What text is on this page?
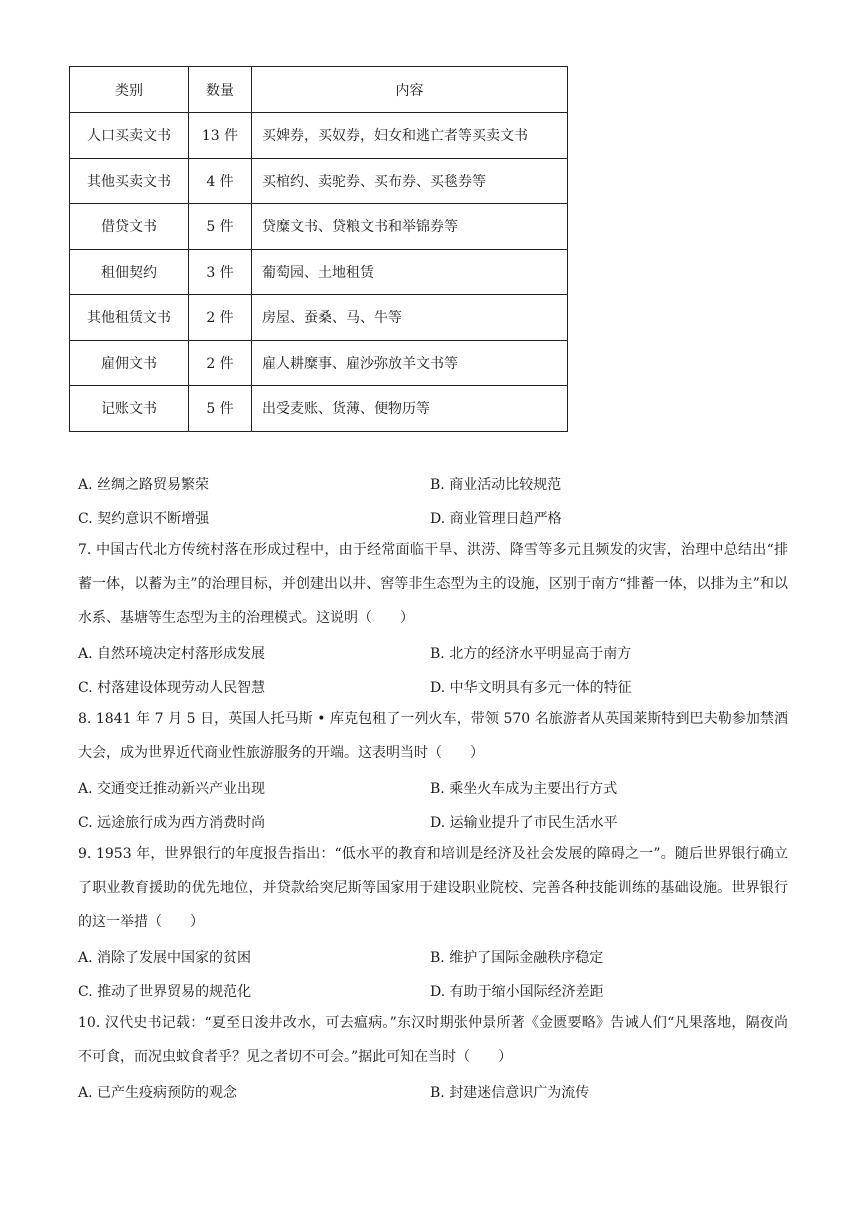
类别	数量	内容
人口买卖文书	13 件	买婢券，买奴券，妇女和逃亡者等买卖文书
其他买卖文书	4 件	买棺约、卖驼券、买布券、买毯券等
借贷文书	5 件	贷糜文书、贷粮文书和举锦券等
租佃契约	3 件	葡萄园、土地租赁
其他租赁文书	2 件	房屋、蚕桑、马、牛等
雇佣文书	2 件	雇人耕糜事、雇沙弥放羊文书等
记账文书	5 件	出受麦账、货薄、便物历等
A. 丝绸之路贸易繁荣	B. 商业活动比较规范
C. 契约意识不断增强	D. 商业管理日趋严格
7. 中国古代北方传统村落在形成过程中，由于经常面临干旱、洪涝、降雪等多元且频发的灾害，治理中总结出“排蓄一体，以蓄为主”的治理目标，并创建出以井、窖等非生态型为主的设施，区别于南方“排蓄一体，以排为主”和以水系、基塘等生态型为主的治理模式。这说明（　　）
A. 自然环境决定村落形成发展	B. 北方的经济水平明显高于南方
C. 村落建设体现劳动人民智慧	D. 中华文明具有多元一体的特征
8. 1841 年 7 月 5 日，英国人托马斯 • 库克包租了一列火车，带领 570 名旅游者从英国莱斯特到巴夫勒参加禁酒大会，成为世界近代商业性旅游服务的开端。这表明当时（　　）
A. 交通变迁推动新兴产业出现	B. 乘坐火车成为主要出行方式
C. 远途旅行成为西方消费时尚	D. 运输业提升了市民生活水平
9. 1953 年，世界银行的年度报告指出：“低水平的教育和培训是经济及社会发展的障碍之一”。随后世界银行确立了职业教育援助的优先地位，并贷款给突尼斯等国家用于建设职业院校、完善各种技能训练的基础设施。世界银行的这一举措（　　）
A. 消除了发展中国家的贫困	B. 维护了国际金融秩序稳定
C. 推动了世界贸易的规范化	D. 有助于缩小国际经济差距
10. 汉代史书记载：“夏至日浚井改水，可去瘟病。”东汉时期张仲景所著《金匮要略》告诫人们“凡果落地，隔夜尚不可食，而况虫蚊食者乎？见之者切不可会。”据此可知在当时（　　）
A. 已产生疫病预防的观念	B. 封建迷信意识广为流传
